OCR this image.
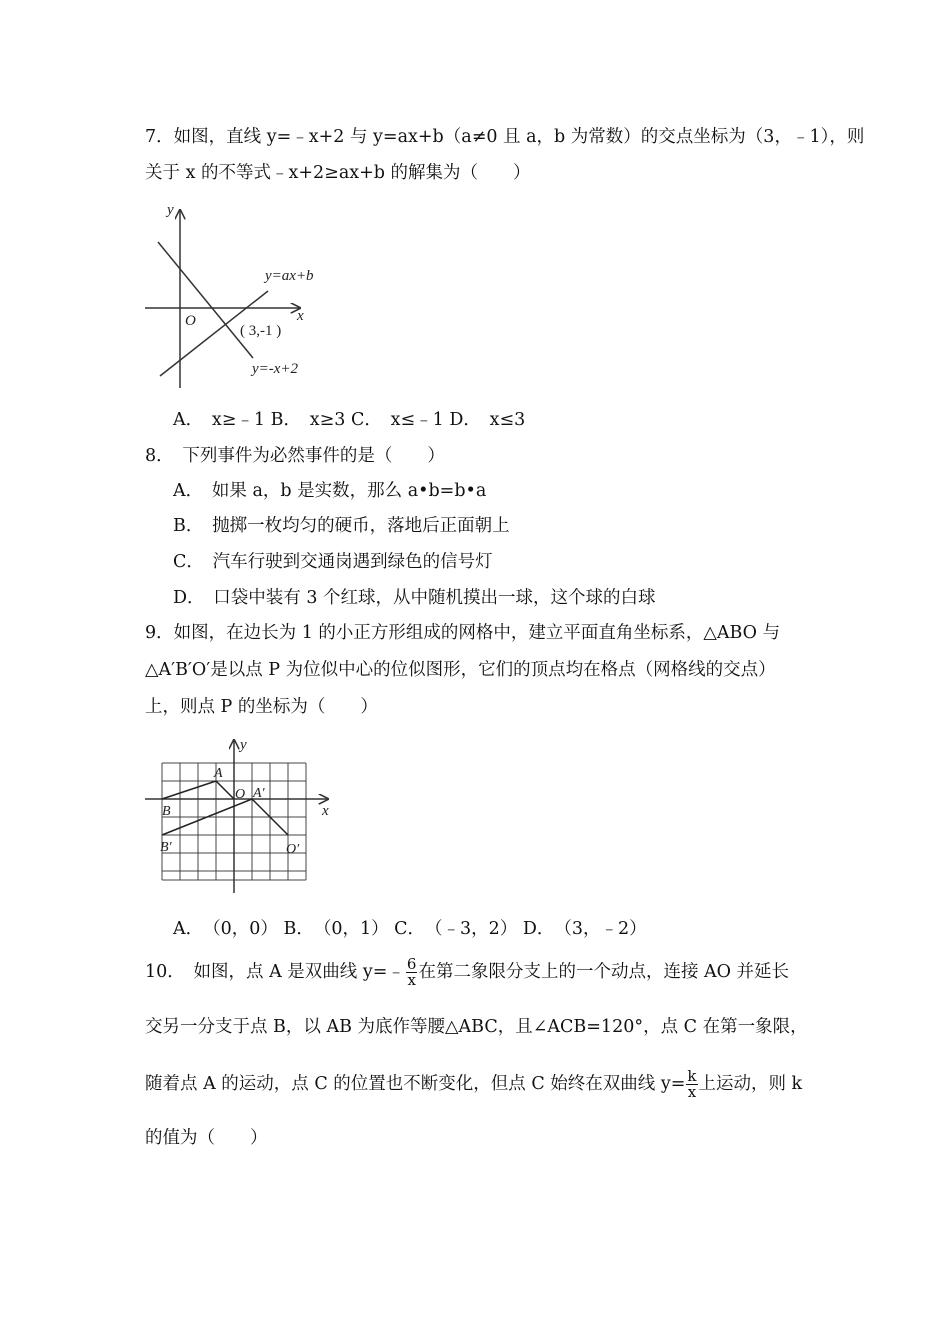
7．如图，直线 y=﹣x+2 与 y=ax+b（a≠0 且 a，b 为常数）的交点坐标为（3，﹣1），则
关于 x 的不等式﹣x+2≥ax+b 的解集为（　　）
y
x
O
y=ax+b
( 3,-1 )
y=-x+2
A．　x≥﹣1 B．　x≥3 C．　x≤﹣1 D．　x≤3
8．　下列事件为必然事件的是（　　）
A．　如果 a，b 是实数，那么 a•b=b•a
B．　抛掷一枚均匀的硬币，落地后正面朝上
C．　汽车行驶到交通岗遇到绿色的信号灯
D．　口袋中装有 3 个红球，从中随机摸出一球，这个球的白球
9．如图，在边长为 1 的小正方形组成的网格中，建立平面直角坐标系，△ABO 与
△A′B′O′是以点 P 为位似中心的位似图形，它们的顶点均在格点（网格线的交点）
上，则点 P 的坐标为（　　）
y
x
A
B
O A′
B′	O′
A．　（0，0） B．　（0，1） C．　（﹣3，2） D．　（3，﹣2）
10．　如图，点 A 是双曲线 y=﹣ $\frac{6}{x}$ 在第二象限分支上的一个动点，连接 AO 并延长
交另一分支于点 B，以 AB 为底作等腰△ABC，且∠ACB=120°，点 C 在第一象限，
随着点 A 的运动，点 C 的位置也不断变化，但点 C 始终在双曲线 $y= \frac{k}{x}$ 上运动，则 k
的值为（　　）
